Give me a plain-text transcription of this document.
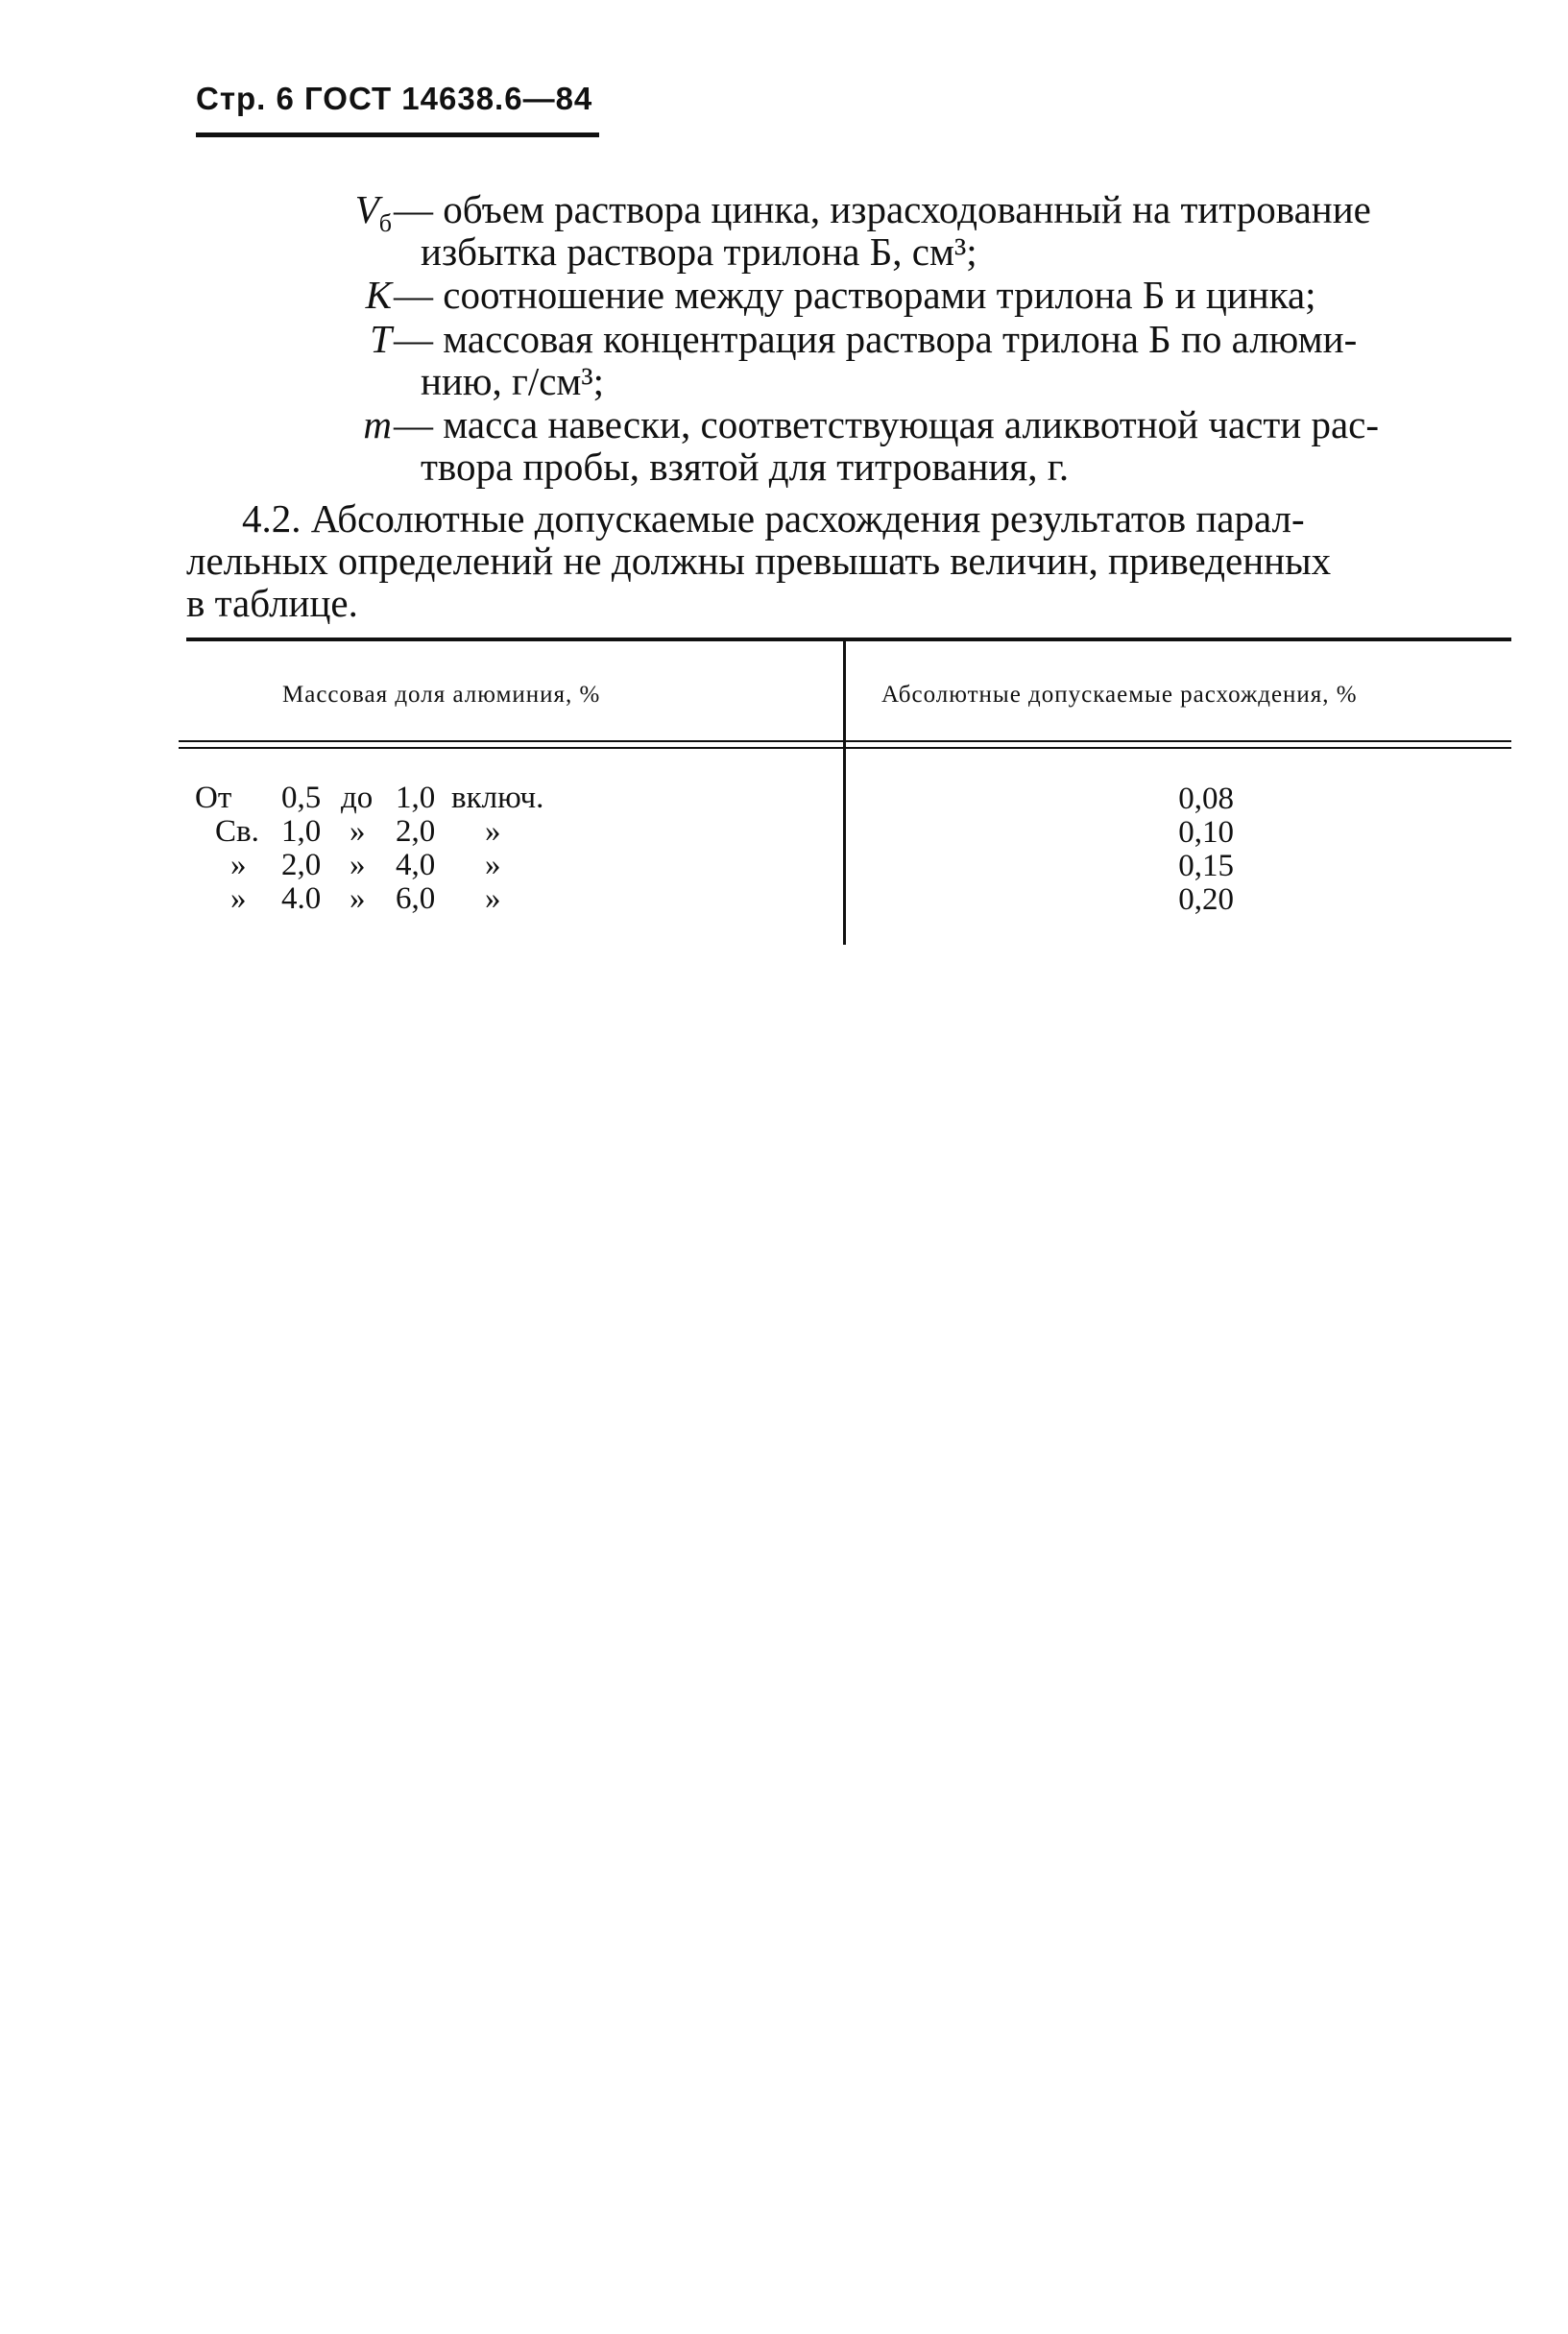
Стр. 6 ГОСТ 14638.6—84
$V_б$ — объем раствора цинка, израсходованный на титрование
избытка раствора трилона Б, см³;
K — соотношение между растворами трилона Б и цинка;
T — массовая концентрация раствора трилона Б по алюми-
нию, г/см³;
m — масса навески, соответствующая аликвотной части рас-
твора пробы, взятой для титрования, г.
4.2. Абсолютные допускаемые расхождения результатов парал-
лельных определений не должны превышать величин, приведенных
в таблице.
Массовая доля алюминия, %	Абсолютные допускаемые расхождения, %
От 0,5 до 1,0 включ.	0,08
Св. 1,0 » 2,0 »	0,10
» 2,0 » 4,0 »	0,15
» 4.0 » 6,0 »	0,20
